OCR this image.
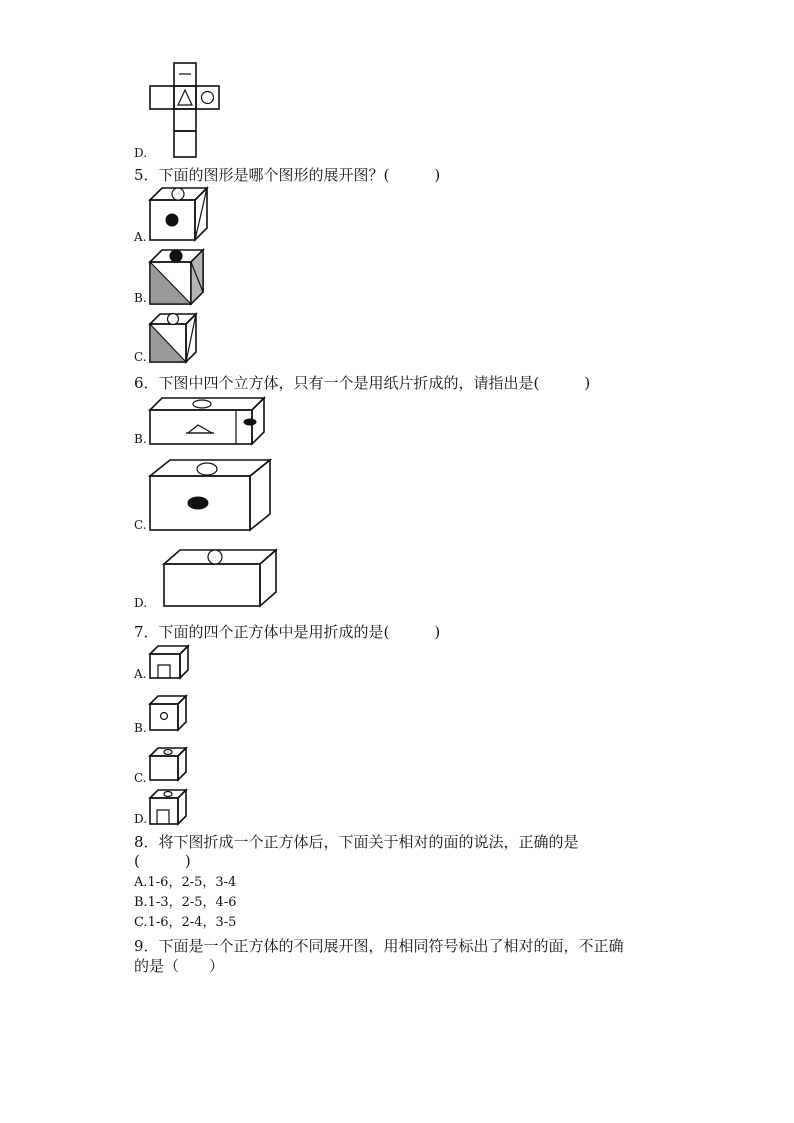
D.
5．下面的图形是哪个图形的展开图？(　　　)
A.
B.
C.
6．下图中四个立方体，只有一个是用纸片折成的，请指出是(　　　)
B.
C.
D.
7．下面的四个正方体中是用折成的是(　　　)
A.
B.
C.
D.
8．将下图折成一个正方体后，下面关于相对的面的说法，正确的是
(　　　)
A.1-6，2-5，3-4
B.1-3，2-5，4-6
C.1-6，2-4，3-5
9．下面是一个正方体的不同展开图，用相同符号标出了相对的面，不正确
的是（　　）
